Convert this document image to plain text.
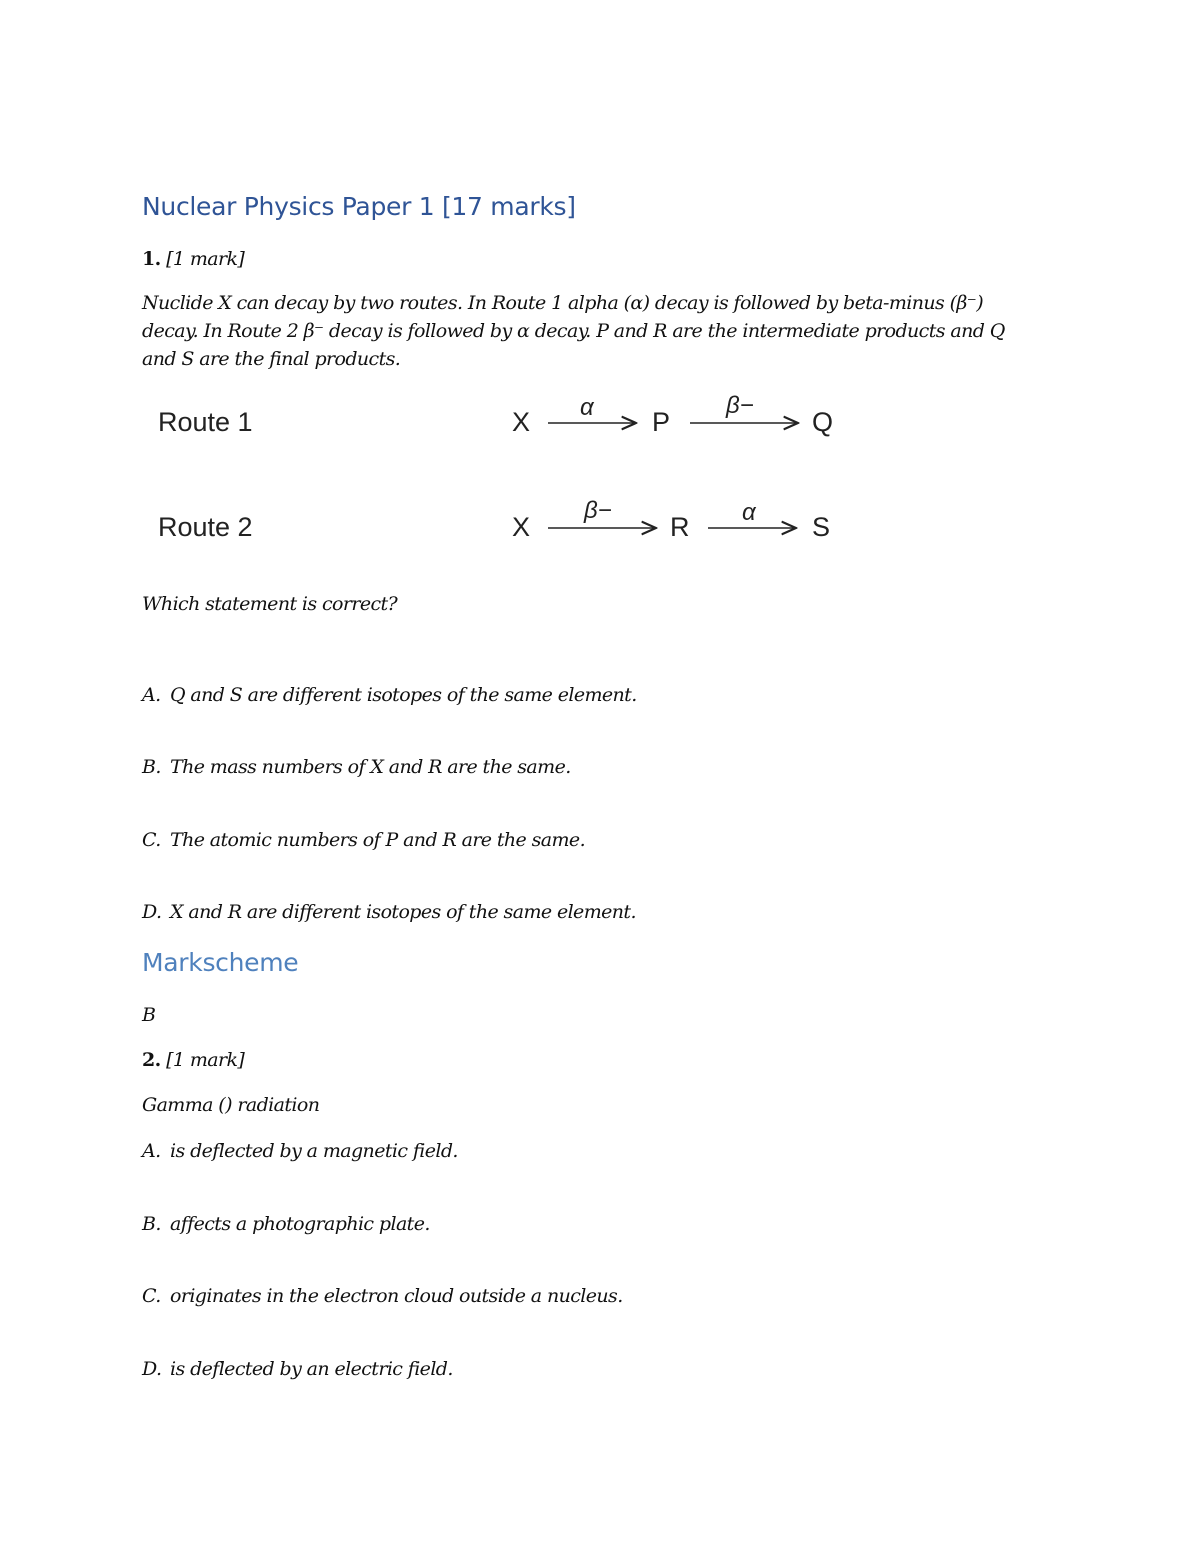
Nuclear Physics Paper 1 [17 marks]
1. [1 mark]
Nuclide X can decay by two routes. In Route 1 alpha (α) decay is followed by beta-minus (β⁻)
decay. In Route 2 β⁻ decay is followed by α decay. P and R are the intermediate products and Q
and S are the final products.
Route 1	X α P
β−
Q
Route 2	X
β−
R α S
Which statement is correct?
A. Q and S are different isotopes of the same element.
B. The mass numbers of X and R are the same.
C. The atomic numbers of P and R are the same.
D. X and R are different isotopes of the same element.
Markscheme
B
2. [1 mark]
Gamma () radiation
A. is deflected by a magnetic field.
B. affects a photographic plate.
C. originates in the electron cloud outside a nucleus.
D. is deflected by an electric field.
